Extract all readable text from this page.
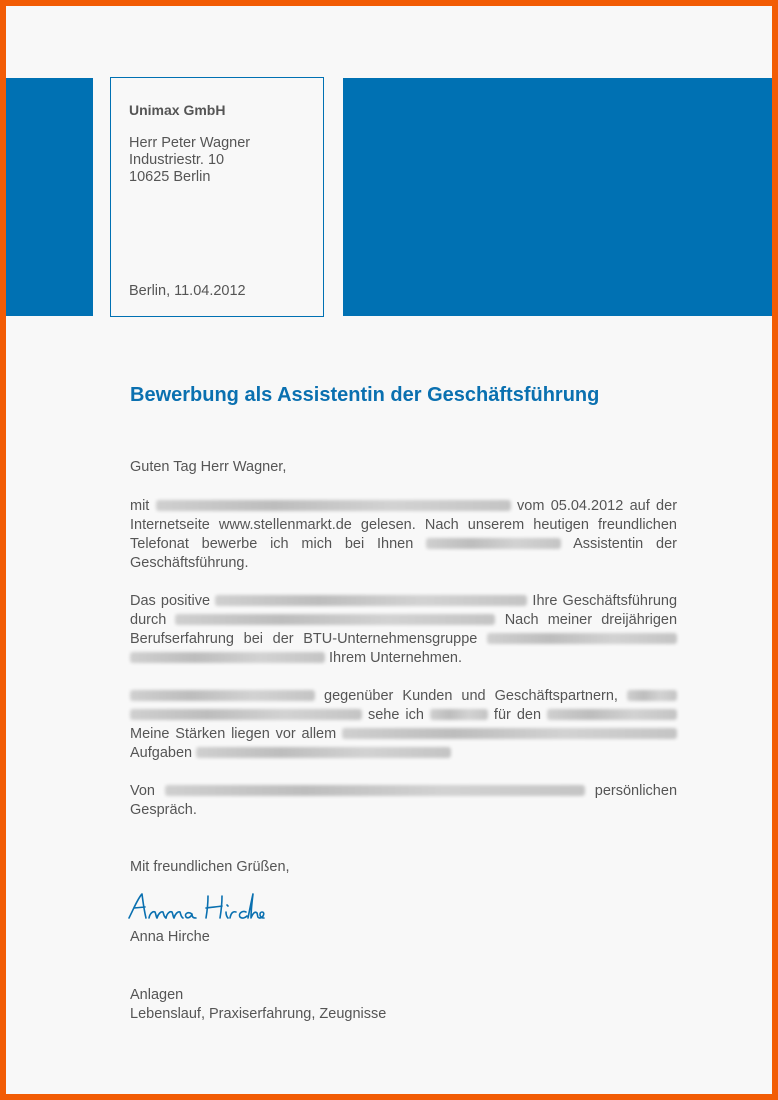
Unimax GmbH
Herr Peter Wagner
Industriestr. 10
10625 Berlin
Berlin, 11.04.2012
Bewerbung als Assistentin der Geschäftsführung
Guten Tag Herr Wagner,
mit	vom 05.04.2012 auf der Internetseite www.stellenmarkt.de gelesen. Nach unserem heutigen freundlichen Telefonat bewerbe ich mich bei Ihnen	Assistentin der Geschäftsführung.
Das positive	Ihre Geschäftsführung durch	Nach meiner dreijährigen Berufserfahrung bei der BTU-Unternehmensgruppe   Ihrem Unternehmen.
gegenüber Kunden und Geschäftspartnern,   sehe ich	für den  Meine Stärken liegen vor allem  Aufgaben
Von	persönlichen Gespräch.
Mit freundlichen Grüßen,
Anna Hirche
Anlagen
Lebenslauf, Praxiserfahrung, Zeugnisse
